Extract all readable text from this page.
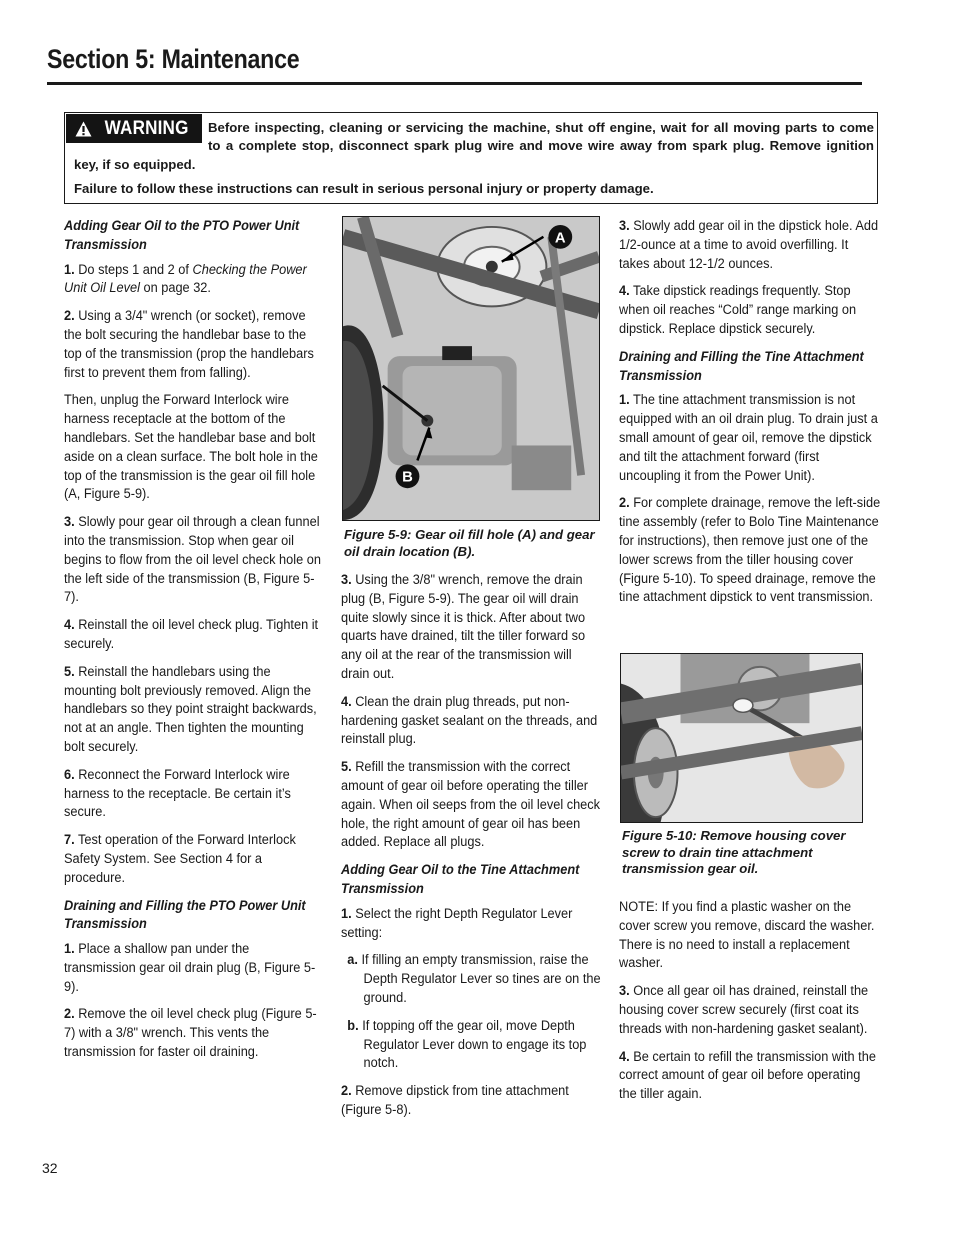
Section 5: Maintenance
WARNING Before inspecting, cleaning or servicing the machine, shut off engine, wait for all moving parts to come
to a complete stop, disconnect spark plug wire and move wire away from spark plug. Remove ignition
key, if so equipped.
Failure to follow these instructions can result in serious personal injury or property damage.
Adding Gear Oil to the PTO Power Unit Transmission

1. Do steps 1 and 2 of Checking the Power Unit Oil Level on page 32.

2. Using a 3/4" wrench (or socket), remove the bolt securing the handlebar base to the top of the transmission (prop the handlebars first to prevent them from falling).

Then, unplug the Forward Interlock wire harness receptacle at the bottom of the handlebars. Set the handlebar base and bolt aside on a clean surface. The bolt hole in the top of the transmission is the gear oil fill hole (A, Figure 5-9).

3. Slowly pour gear oil through a clean funnel into the transmission. Stop when gear oil begins to flow from the oil level check hole on the left side of the transmission (B, Figure 5-7).

4. Reinstall the oil level check plug. Tighten it securely.

5. Reinstall the handlebars using the mounting bolt previously removed. Align the handlebars so they point straight backwards, not at an angle. Then tighten the mounting bolt securely.

6. Reconnect the Forward Interlock wire harness to the receptacle. Be certain it’s secure.

7. Test operation of the Forward Interlock Safety System. See Section 4 for a procedure.

Draining and Filling the PTO Power Unit Transmission

1. Place a shallow pan under the transmission gear oil drain plug (B, Figure 5-9).

2. Remove the oil level check plug (Figure 5-7) with a 3/8" wrench. This vents the transmission for faster oil draining.

A
B
Figure 5-9: Gear oil fill hole (A) and gear oil drain location (B).

3. Using the 3/8" wrench, remove the drain plug (B, Figure 5-9). The gear oil will drain quite slowly since it is thick. After about two quarts have drained, tilt the tiller forward so any oil at the rear of the transmission will drain out.

4. Clean the drain plug threads, put non-hardening gasket sealant on the threads, and reinstall plug.

5. Refill the transmission with the correct amount of gear oil before operating the tiller again. When oil seeps from the oil level check hole, the right amount of gear oil has been added. Replace all plugs.

Adding Gear Oil to the Tine Attachment Transmission

1. Select the right Depth Regulator Lever setting:

a. If filling an empty transmission, raise the Depth Regulator Lever so tines are on the ground.

b. If topping off the gear oil, move Depth Regulator Lever down to engage its top notch.

2. Remove dipstick from tine attachment (Figure 5-8).

3. Slowly add gear oil in the dipstick hole. Add 1/2-ounce at a time to avoid overfilling. It takes about 12-1/2 ounces.

4. Take dipstick readings frequently. Stop when oil reaches “Cold” range marking on dipstick. Replace dipstick securely.

Draining and Filling the Tine Attachment Transmission

1. The tine attachment transmission is not equipped with an oil drain plug. To drain just a small amount of gear oil, remove the dipstick and tilt the attachment forward (first uncoupling it from the Power Unit).

2. For complete drainage, remove the left-side tine assembly (refer to Bolo Tine Maintenance for instructions), then remove just one of the lower screws from the tiller housing cover (Figure 5-10). To speed drainage, remove the tine attachment dipstick to vent transmission.

Figure 5-10: Remove housing cover screw to drain tine attachment transmission gear oil.

NOTE: If you find a plastic washer on the cover screw you remove, discard the washer. There is no need to install a replacement washer.

3. Once all gear oil has drained, reinstall the housing cover screw securely (first coat its threads with non-hardening gasket sealant).

4. Be certain to refill the transmission with the correct amount of gear oil before operating the tiller again.

32
